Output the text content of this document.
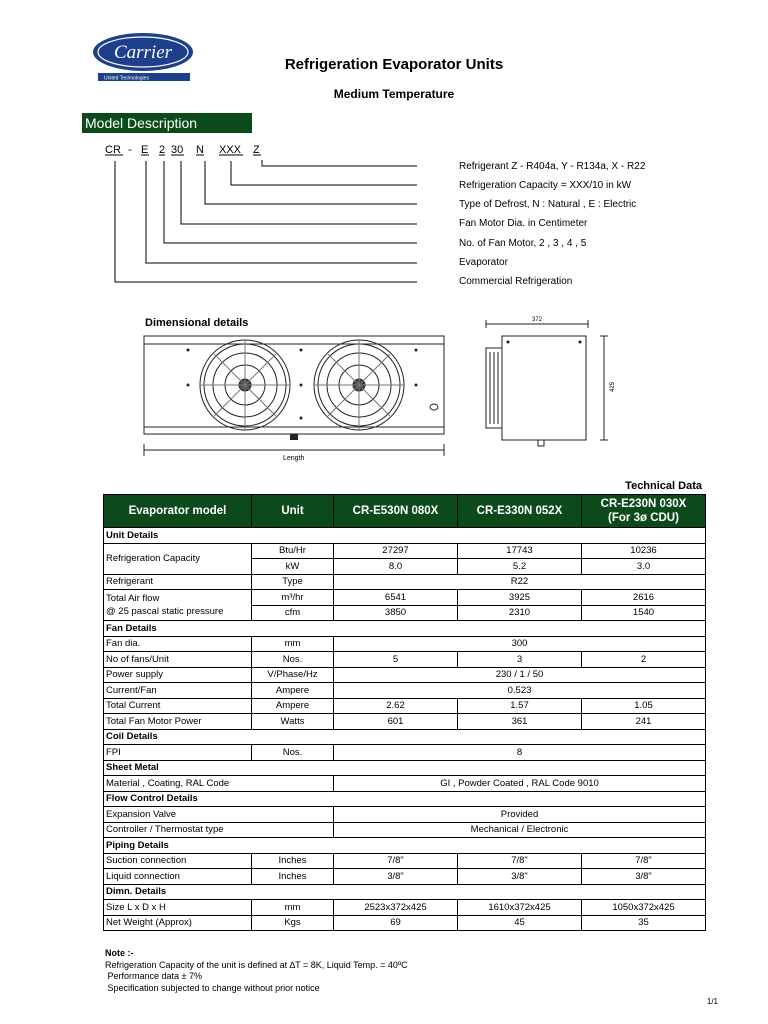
Carrier
United Technologies
Refrigeration Evaporator Units
Medium Temperature
Model Description
CR - E 2 30 N XXX Z
Refrigerant Z - R404a, Y - R134a, X - R22
Refrigeration Capacity = XXX/10 in kW
Type of Defrost, N : Natural , E : Electric
Fan Motor Dia. in Centimeter
No. of Fan Motor, 2 , 3 , 4 , 5
Evaporator
Commercial Refrigeration
Dimensional details
Length
372
425
Technical Data
Evaporator model	Unit	CR-E530N 080X	CR-E330N 052X	CR-E230N 030X
(For 3ø CDU)
Unit Details				
Refrigeration Capacity	Btu/Hr	27297	17743	10236
	kW	8.0	5.2	3.0
Refrigerant	Type	R22		
Total Air flow
@ 25 pascal static pressure	m³/hr	6541	3925	2616
	cfm	3850	2310	1540
Fan Details				
Fan dia.	mm	300		
No of fans/Unit	Nos.	5	3	2
Power supply	V/Phase/Hz	230 / 1 / 50		
Current/Fan	Ampere	0.523		
Total Current	Ampere	2.62	1.57	1.05
Total Fan Motor Power	Watts	601	361	241
Coil Details				
FPI	Nos.	8		
Sheet Metal				
Material , Coating, RAL Code		GI , Powder Coated , RAL Code 9010		
Flow Control Details				
Expansion Valve		Provided		
Controller / Thermostat type		Mechanical / Electronic		
Piping Details				
Suction connection	Inches	7/8"	7/8"	7/8"
Liquid connection	Inches	3/8"	3/8"	3/8"
Dimn. Details				
Size L x D x H	mm	2523x372x425	1610x372x425	1050x372x425
Net Weight (Approx)	Kgs	69	45	35
Note :-
Refrigeration Capacity of the unit is defined at ∆T = 8K, Liquid Temp. = 40ºC
Performance data ± 7%
Specification subjected to change without prior notice
1/1
